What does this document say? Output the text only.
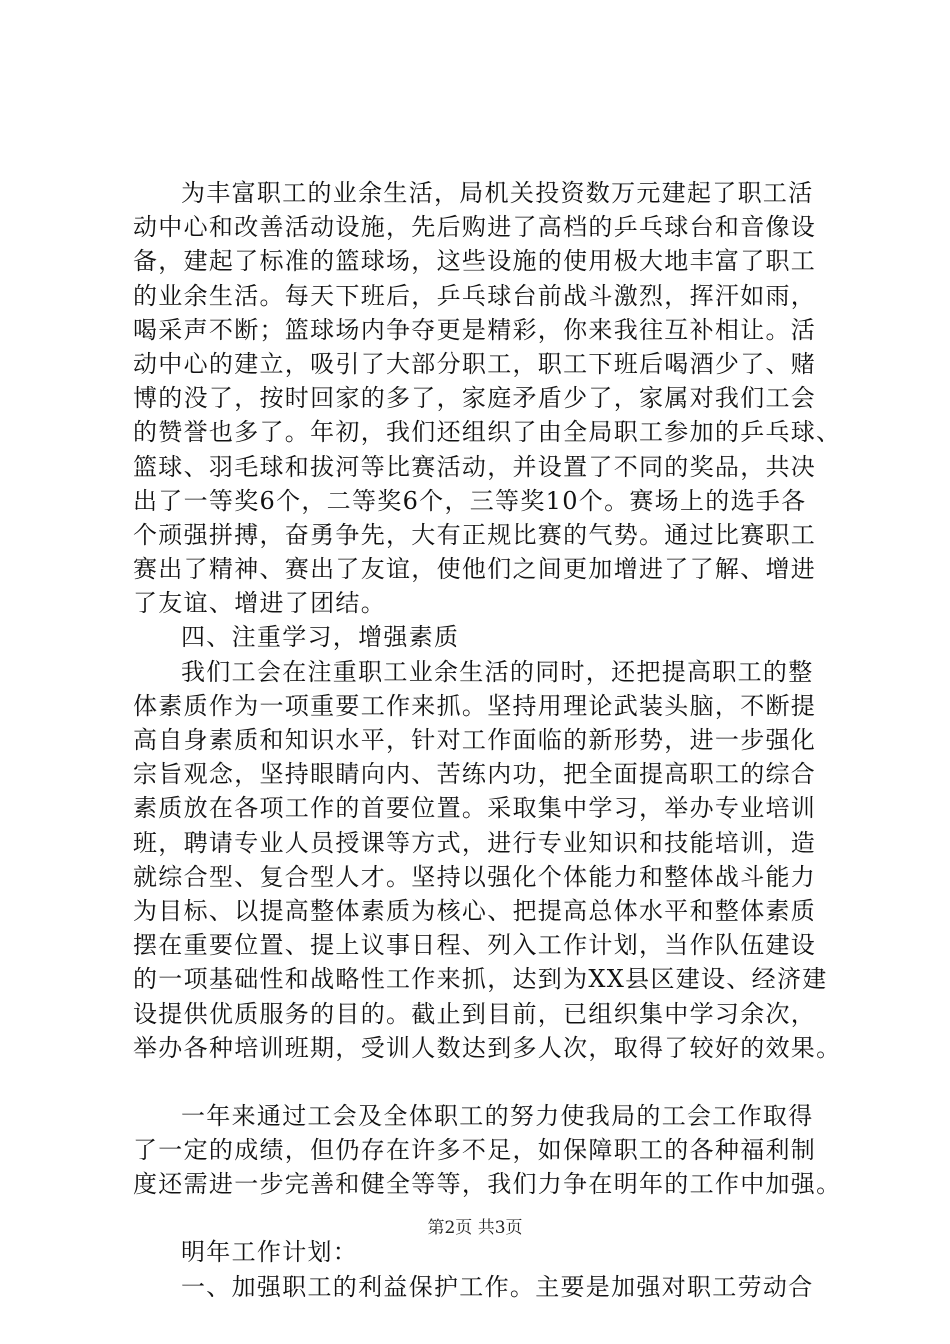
为丰富职工的业余生活，局机关投资数万元建起了职工活
动中心和改善活动设施，先后购进了高档的乒乓球台和音像设
备，建起了标准的篮球场，这些设施的使用极大地丰富了职工
的业余生活。每天下班后，乒乓球台前战斗激烈，挥汗如雨，
喝采声不断；篮球场内争夺更是精彩，你来我往互补相让。活
动中心的建立，吸引了大部分职工，职工下班后喝酒少了、赌
博的没了，按时回家的多了，家庭矛盾少了，家属对我们工会
的赞誉也多了。年初，我们还组织了由全局职工参加的乒乓球、
篮球、羽毛球和拔河等比赛活动，并设置了不同的奖品，共决
出了一等奖6个，二等奖6个，三等奖10个。赛场上的选手各
个顽强拼搏，奋勇争先，大有正规比赛的气势。通过比赛职工
赛出了精神、赛出了友谊，使他们之间更加增进了了解、增进
了友谊、增进了团结。
四、注重学习，增强素质
我们工会在注重职工业余生活的同时，还把提高职工的整
体素质作为一项重要工作来抓。坚持用理论武装头脑，不断提
高自身素质和知识水平，针对工作面临的新形势，进一步强化
宗旨观念，坚持眼睛向内、苦练内功，把全面提高职工的综合
素质放在各项工作的首要位置。采取集中学习，举办专业培训
班，聘请专业人员授课等方式，进行专业知识和技能培训，造
就综合型、复合型人才。坚持以强化个体能力和整体战斗能力
为目标、以提高整体素质为核心、把提高总体水平和整体素质
摆在重要位置、提上议事日程、列入工作计划，当作队伍建设
的一项基础性和战略性工作来抓，达到为XX县区建设、经济建
设提供优质服务的目的。截止到目前，已组织集中学习余次，
举办各种培训班期，受训人数达到多人次，取得了较好的效果。
一年来通过工会及全体职工的努力使我局的工会工作取得
了一定的成绩，但仍存在许多不足，如保障职工的各种福利制
度还需进一步完善和健全等等，我们力争在明年的工作中加强。
明年工作计划：
一、加强职工的利益保护工作。主要是加强对职工劳动合
第2页 共3页
